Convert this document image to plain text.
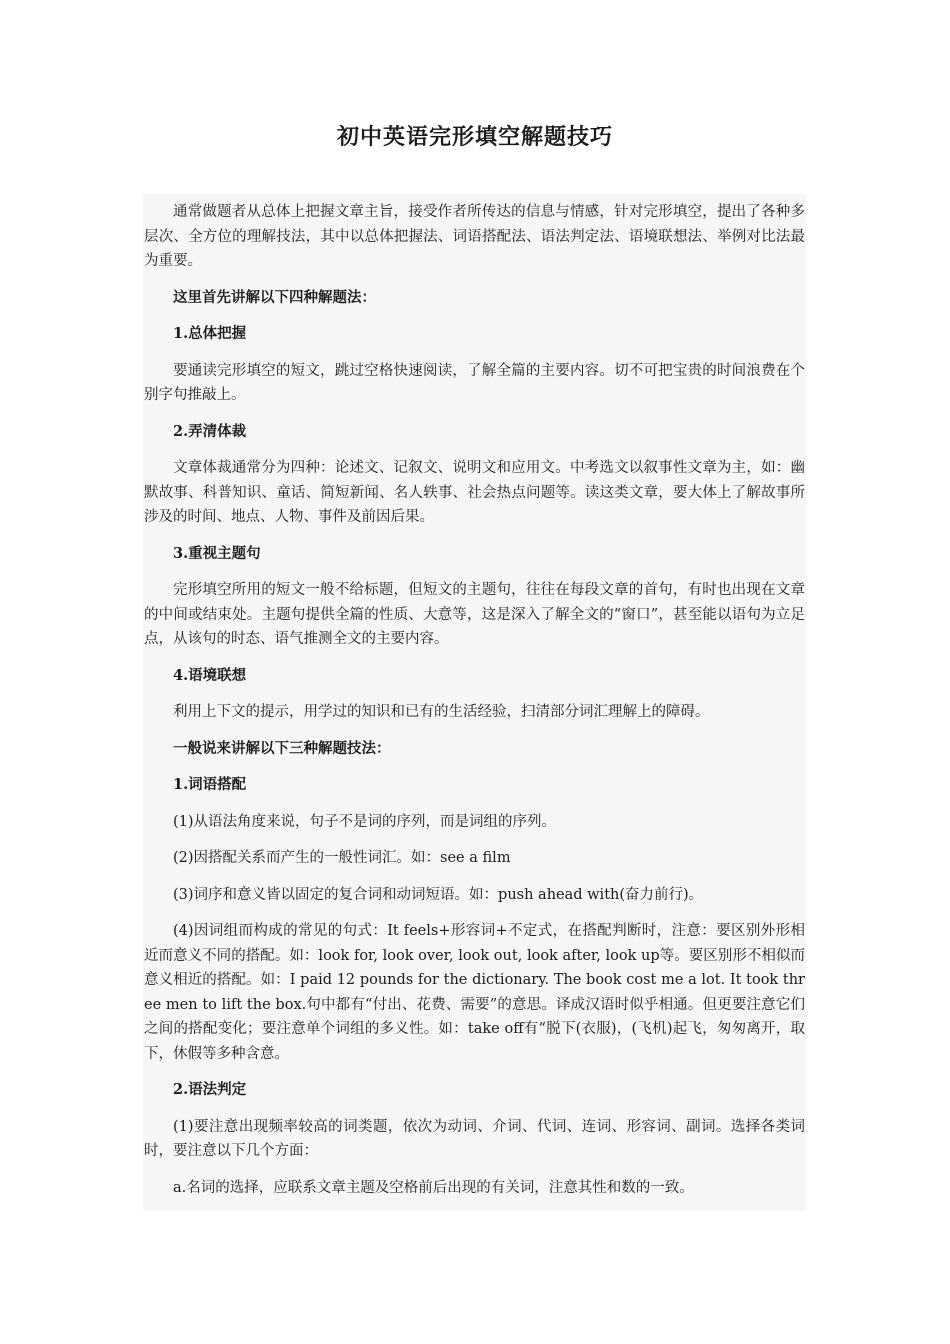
初中英语完形填空解题技巧

通常做题者从总体上把握文章主旨，接受作者所传达的信息与情感，针对完形填空，提出了各种多层次、全方位的理解技法，其中以总体把握法、词语搭配法、语法判定法、语境联想法、举例对比法最为重要。

这里首先讲解以下四种解题法：

1.总体把握

要通读完形填空的短文，跳过空格快速阅读，了解全篇的主要内容。切不可把宝贵的时间浪费在个别字句推敲上。

2.弄清体裁

文章体裁通常分为四种：论述文、记叙文、说明文和应用文。中考选文以叙事性文章为主，如：幽默故事、科普知识、童话、简短新闻、名人轶事、社会热点问题等。读这类文章，要大体上了解故事所涉及的时间、地点、人物、事件及前因后果。

3.重视主题句

完形填空所用的短文一般不给标题，但短文的主题句，往往在每段文章的首句，有时也出现在文章的中间或结束处。主题句提供全篇的性质、大意等，这是深入了解全文的“窗口”，甚至能以语句为立足点，从该句的时态、语气推测全文的主要内容。

4.语境联想

利用上下文的提示，用学过的知识和已有的生活经验，扫清部分词汇理解上的障碍。

一般说来讲解以下三种解题技法：

1.词语搭配

(1)从语法角度来说，句子不是词的序列，而是词组的序列。

(2)因搭配关系而产生的一般性词汇。如：see a film

(3)词序和意义皆以固定的复合词和动词短语。如：push ahead with(奋力前行)。

(4)因词组而构成的常见的句式：It feels+形容词+不定式，在搭配判断时，注意：要区别外形相近而意义不同的搭配。如：look for, look over, look out, look after, look up等。要区别形不相似而意义相近的搭配。如：I paid 12 pounds for the dictionary. The book cost me a lot. It took three men to lift the box.句中都有“付出、花费、需要”的意思。译成汉语时似乎相通。但更要注意它们之间的搭配变化；要注意单个词组的多义性。如：take off有“脱下(衣服)，(飞机)起飞，匆匆离开，取下，休假等多种含意。

2.语法判定

(1)要注意出现频率较高的词类题，依次为动词、介词、代词、连词、形容词、副词。选择各类词时，要注意以下几个方面：

a.名词的选择，应联系文章主题及空格前后出现的有关词，注意其性和数的一致。
